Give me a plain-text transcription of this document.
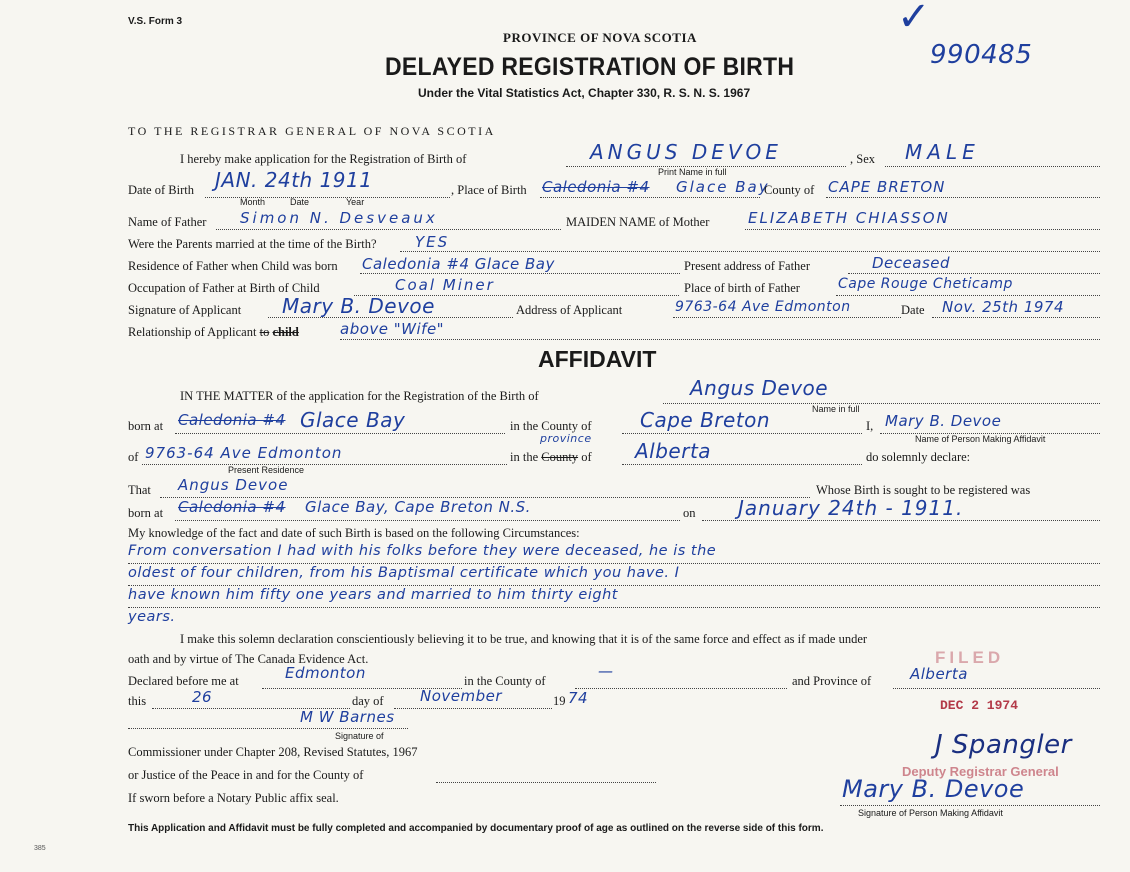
V.S. Form 3
PROVINCE OF NOVA SCOTIA
DELAYED REGISTRATION OF BIRTH
Under the Vital Statistics Act, Chapter 330, R. S. N. S. 1967
✓
990485
TO THE REGISTRAR GENERAL OF NOVA SCOTIA
I hereby make application for the Registration of Birth of	ANGUS DEVOE
Print Name in full
, Sex MALE
Date of Birth JAN. 24th 1911
Month	Date	Year
, Place of Birth Caledonia #4 Glace Bay
County of CAPE BRETON
Name of Father Simon N. Desveaux	MAIDEN NAME of Mother	ELIZABETH CHIASSON
Were the Parents married at the time of the Birth?	YES
Residence of Father when Child was born Caledonia #4 Glace Bay	Present address of Father	Deceased
Occupation of Father at Birth of Child	Coal Miner	Place of birth of Father	Cape Rouge Cheticamp
Signature of Applicant Mary B. Devoe	Address of Applicant	9763-64 Ave Edmonton	Date Nov. 25th 1974
Relationship of Applicant to child	above "Wife"
AFFIDAVIT
IN THE MATTER of the application for the Registration of the Birth of	Angus Devoe
Name in full
born at Caledonia #4 Glace Bay	in the County of Cape Breton	I, Mary B. Devoe
Name of Person Making Affidavit
of 9763-64 Ave Edmonton
Present Residence
in the County of
province
Alberta	do solemnly declare:
That Angus Devoe	Whose Birth is sought to be registered was
born at Caledonia #4 Glace Bay, Cape Breton N.S.	on January 24th - 1911.
My knowledge of the fact and date of such Birth is based on the following Circumstances:
From conversation I had with his folks before they were deceased, he is the
oldest of four children, from his Baptismal certificate which you have. I
have known him fifty one years and married to him thirty eight
years.
I make this solemn declaration conscientiously believing it to be true, and knowing that it is of the same force and effect as if made under
oath and by virtue of The Canada Evidence Act.
Declared before me at	Edmonton	in the County of
—
and Province of	Alberta
this	26	day of November	19 74
M W Barnes
Signature of
Commissioner under Chapter 208, Revised Statutes, 1967
or Justice of the Peace in and for the County of
If sworn before a Notary Public affix seal.
FILED
DEC 2 1974
J Spangler
Deputy Registrar General
Mary B. Devoe
Signature of Person Making Affidavit
This Application and Affidavit must be fully completed and accompanied by documentary proof of age as outlined on the reverse side of this form.
385
